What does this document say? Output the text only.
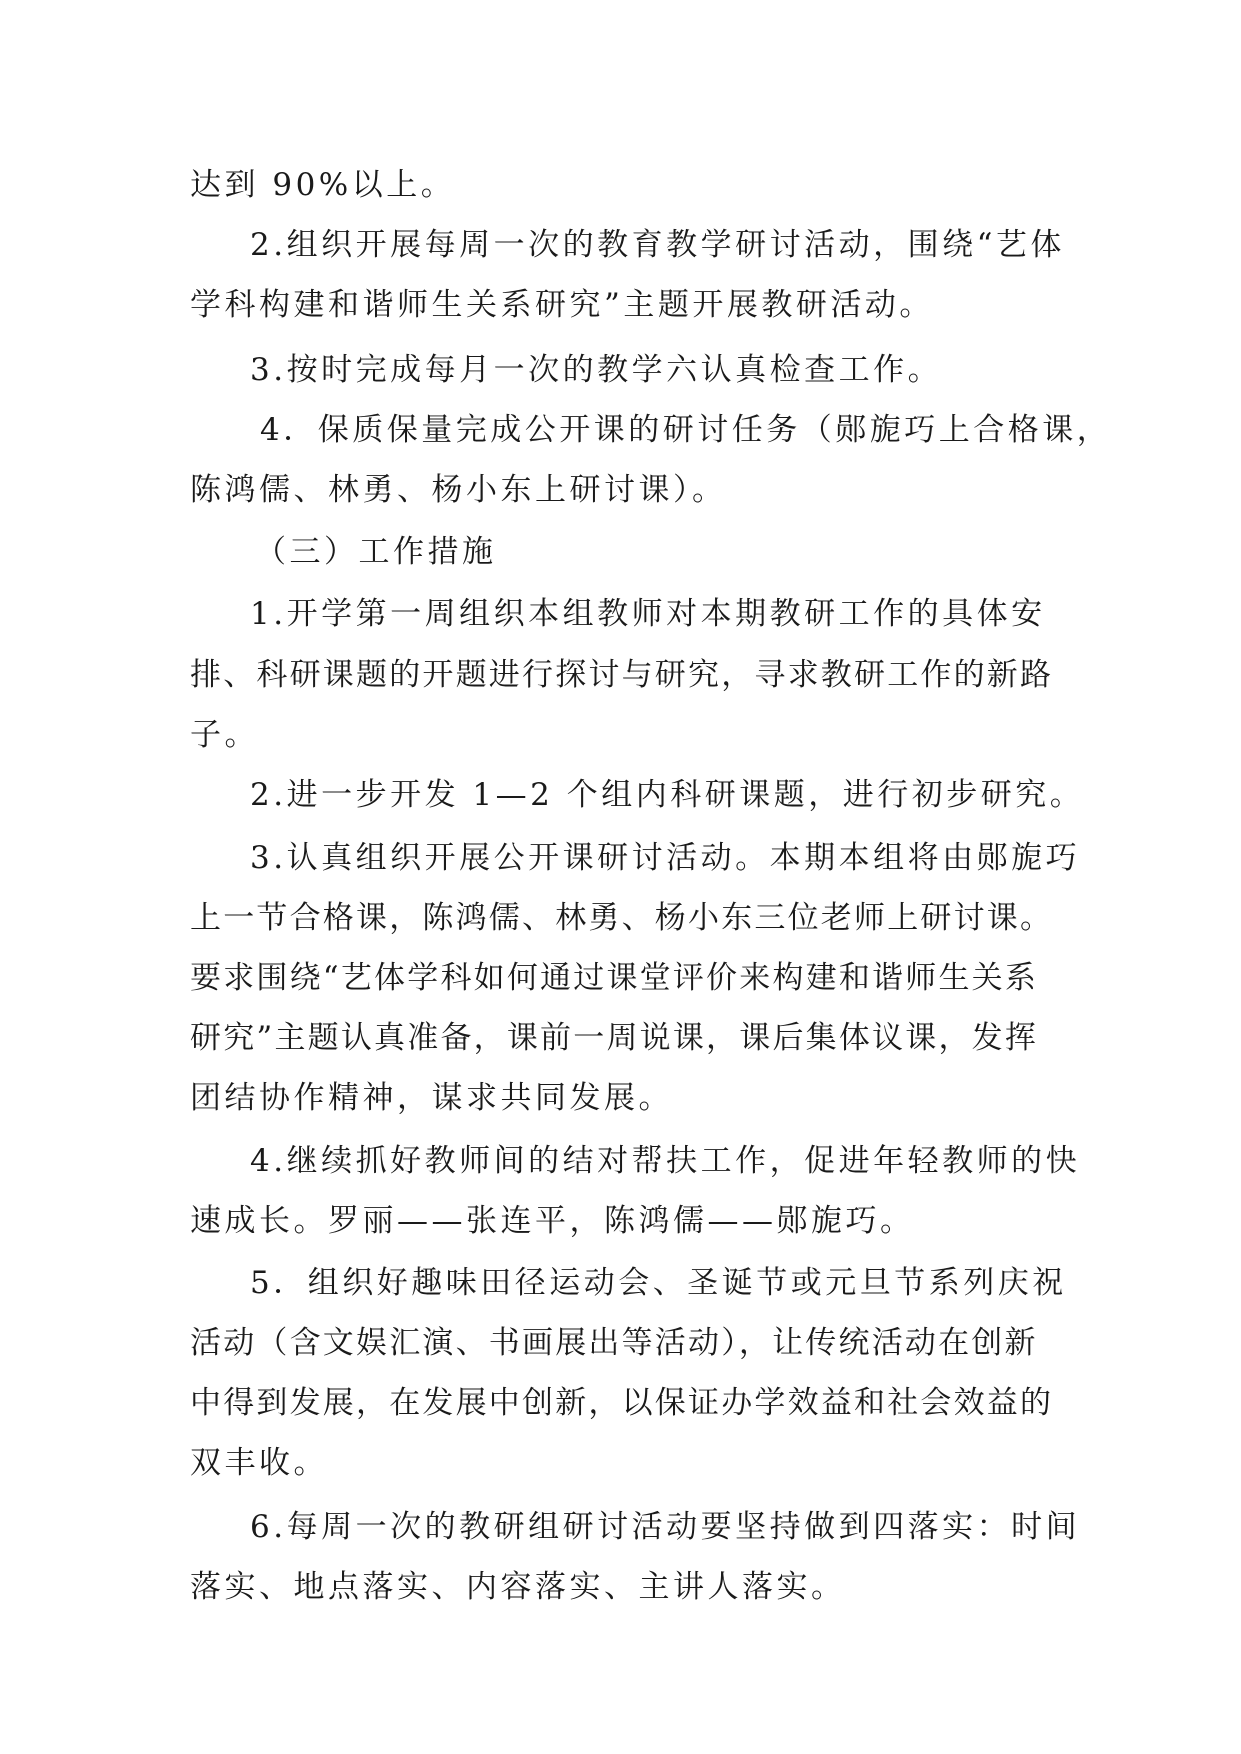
达到 90%以上。
2.组织开展每周一次的教育教学研讨活动，围绕“艺体
学科构建和谐师生关系研究”主题开展教研活动。
3.按时完成每月一次的教学六认真检查工作。
4．保质保量完成公开课的研讨任务（郧旎巧上合格课，
陈鸿儒、林勇、杨小东上研讨课）。
（三）工作措施
1.开学第一周组织本组教师对本期教研工作的具体安
排、科研课题的开题进行探讨与研究，寻求教研工作的新路
子。
2.进一步开发 1—2 个组内科研课题，进行初步研究。
3.认真组织开展公开课研讨活动。本期本组将由郧旎巧
上一节合格课，陈鸿儒、林勇、杨小东三位老师上研讨课。
要求围绕“艺体学科如何通过课堂评价来构建和谐师生关系
研究”主题认真准备，课前一周说课，课后集体议课，发挥
团结协作精神，谋求共同发展。
4.继续抓好教师间的结对帮扶工作，促进年轻教师的快
速成长。罗丽——张连平，陈鸿儒——郧旎巧。
5．组织好趣味田径运动会、圣诞节或元旦节系列庆祝
活动（含文娱汇演、书画展出等活动），让传统活动在创新
中得到发展，在发展中创新，以保证办学效益和社会效益的
双丰收。
6.每周一次的教研组研讨活动要坚持做到四落实：时间
落实、地点落实、内容落实、主讲人落实。
